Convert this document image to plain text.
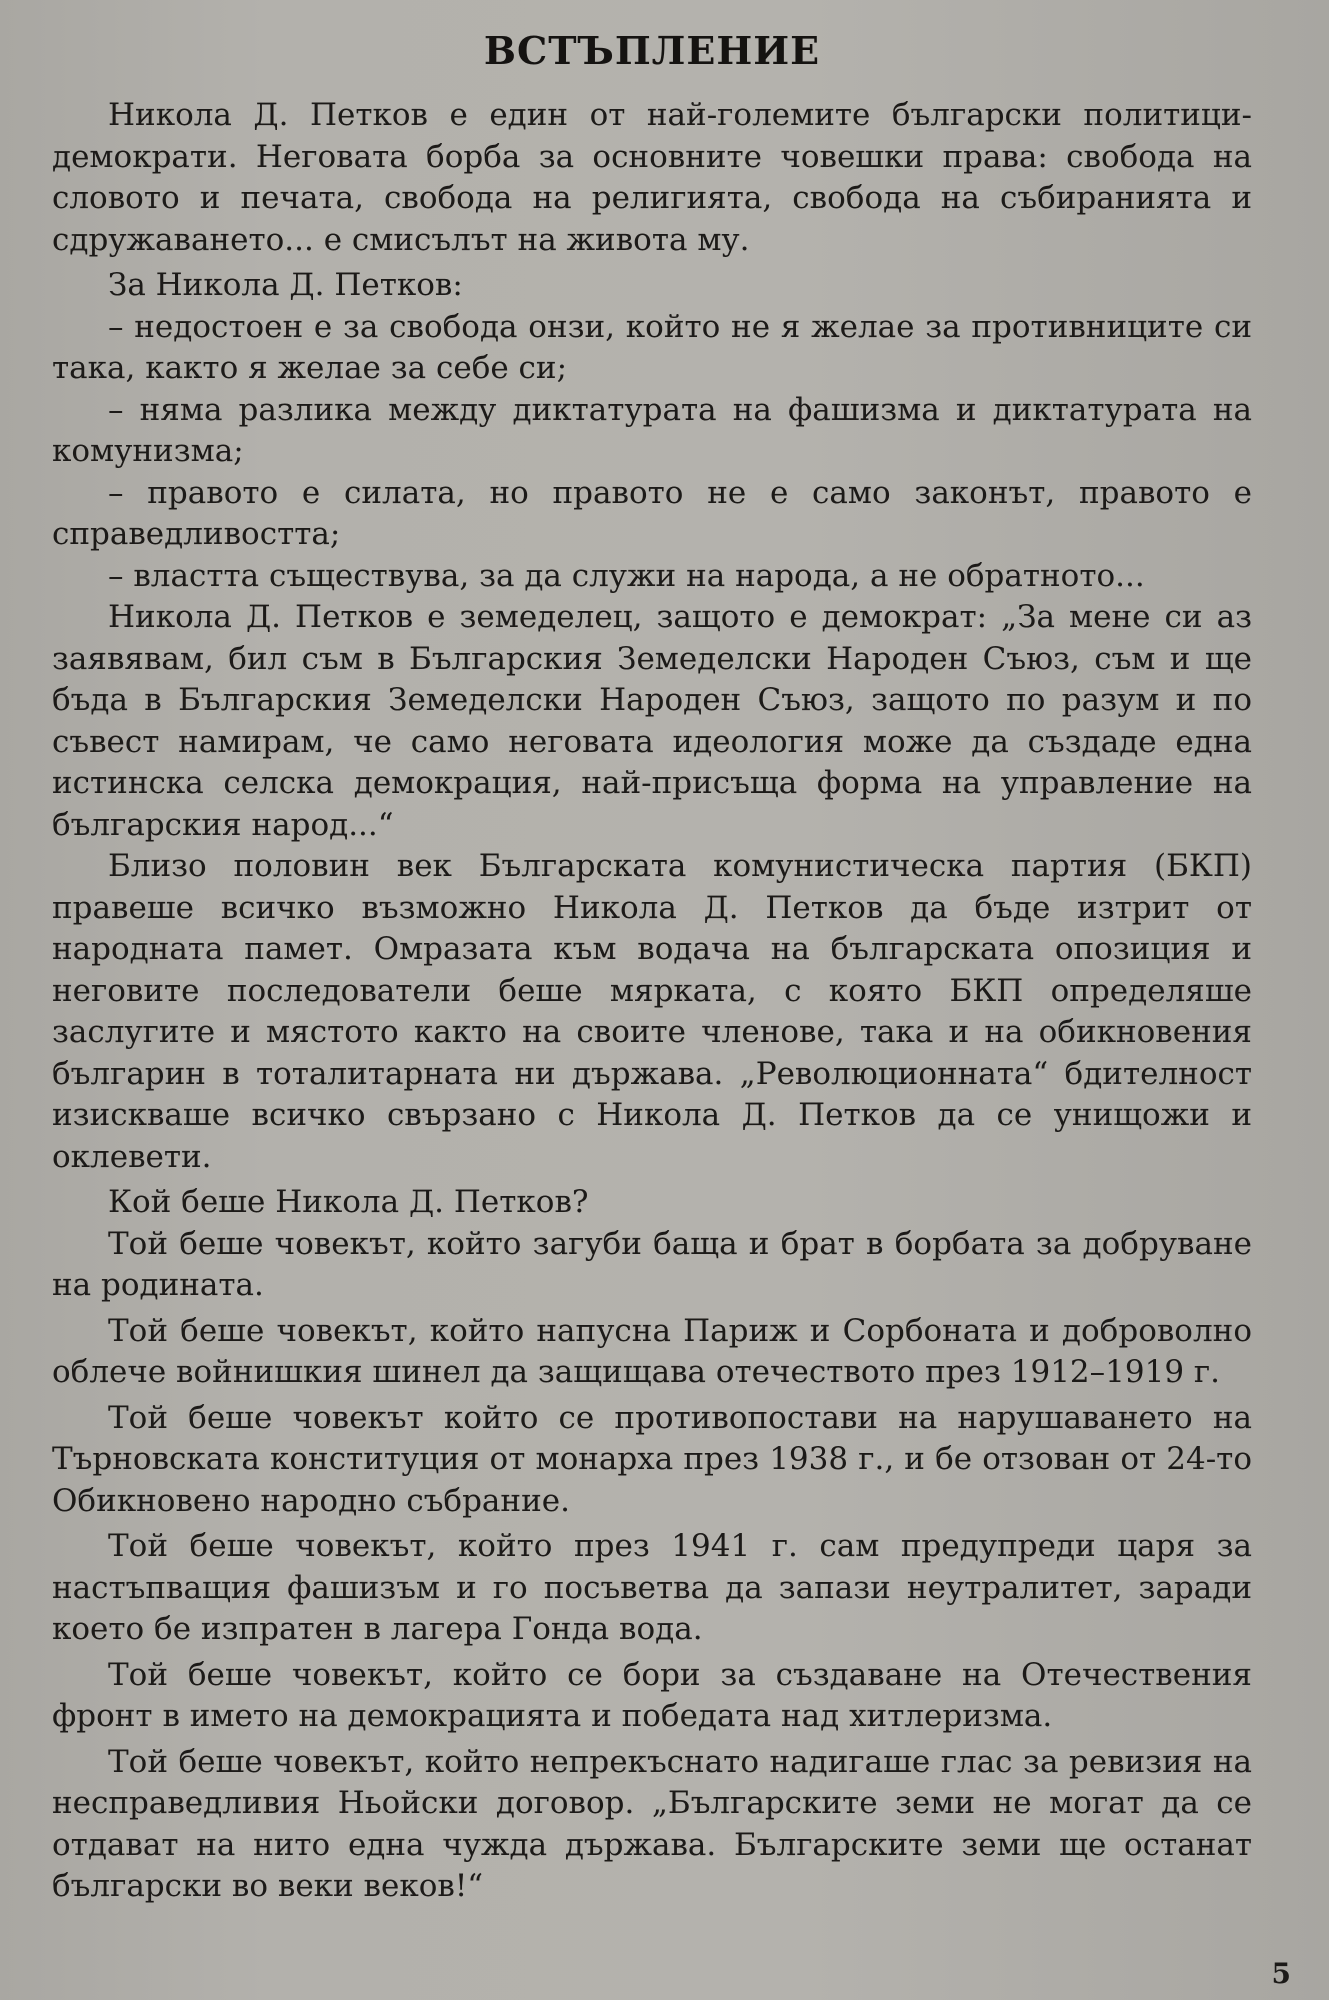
ВСТЪПЛЕНИЕ

Никола Д. Петков е един от най-големите български политици-демократи. Неговата борба за основните човешки права: свобода на словото и печата, свобода на религията, свобода на събиранията и сдружаването... е смисълът на живота му.

За Никола Д. Петков:

– недостоен е за свобода онзи, който не я желае за противниците си така, както я желае за себе си;

– няма разлика между диктатурата на фашизма и диктатурата на комунизма;

– правото е силата, но правото не е само законът, правото е справедливостта;

– властта съществува, за да служи на народа, а не обратното...

Никола Д. Петков е земеделец, защото е демократ: „За мене си аз заявявам, бил съм в Българския Земеделски Народен Съюз, съм и ще бъда в Българския Земеделски Народен Съюз, защото по разум и по съвест намирам, че само неговата идеология може да създаде една истинска селска демокрация, най-присъща форма на управление на българския народ...“

Близо половин век Българската комунистическа партия (БКП) правеше всичко възможно Никола Д. Петков да бъде изтрит от народната памет. Омразата към водача на българската опозиция и неговите последователи беше мярката, с която БКП определяше заслугите и мястото както на своите членове, така и на обикновения българин в тоталитарната ни държава. „Революционната“ бдителност изискваше всичко свързано с Никола Д. Петков да се унищожи и оклевети.

Кой беше Никола Д. Петков?

Той беше човекът, който загуби баща и брат в борбата за добруване на родината.

Той беше човекът, който напусна Париж и Сорбоната и доброволно облече войнишкия шинел да защищава отечеството през 1912–1919 г.

Той беше човекът който се противопостави на нарушаването на Търновската конституция от монарха през 1938 г., и бе отзован от 24-то Обикновено народно събрание.

Той беше човекът, който през 1941 г. сам предупреди царя за настъпващия фашизъм и го посъветва да запази неутралитет, заради което бе изпратен в лагера Гонда вода.

Той беше човекът, който се бори за създаване на Отечествения фронт в името на демокрацията и победата над хитлеризма.

Той беше човекът, който непрекъснато надигаше глас за ревизия на несправедливия Ньойски договор. „Българските земи не могат да се отдават на нито една чужда държава. Българските земи ще останат български во веки веков!“

5
